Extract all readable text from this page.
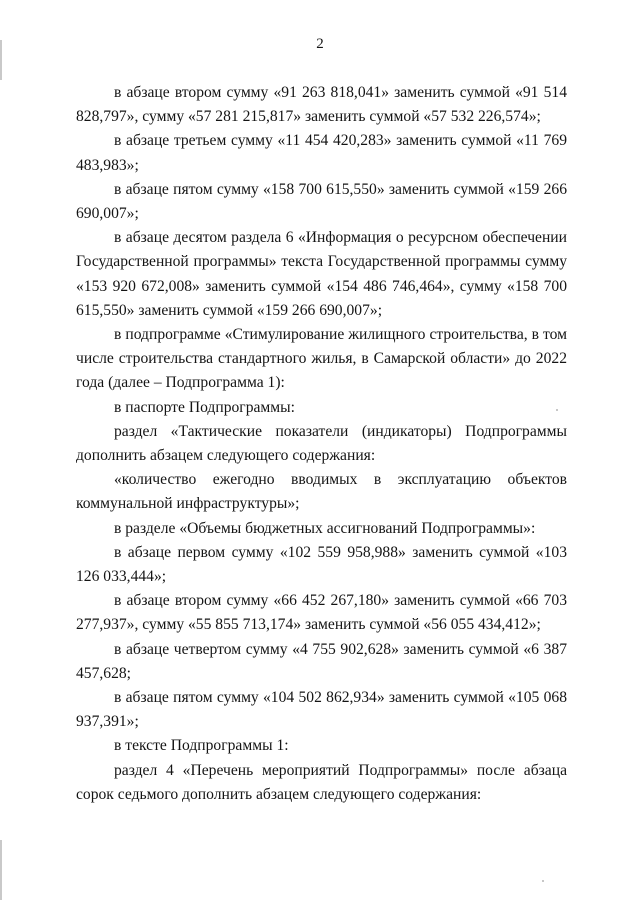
2

в абзаце втором сумму «91 263 818,041» заменить суммой «91 514 828,797», сумму «57 281 215,817» заменить суммой «57 532 226,574»;

в абзаце третьем сумму «11 454 420,283» заменить суммой «11 769 483,983»;

в абзаце пятом сумму «158 700 615,550» заменить суммой «159 266 690,007»;

в абзаце десятом раздела 6 «Информация о ресурсном обеспечении Государственной программы» текста Государственной программы сумму «153 920 672,008» заменить суммой «154 486 746,464», сумму «158 700 615,550» заменить суммой «159 266 690,007»;

в подпрограмме «Стимулирование жилищного строительства, в том числе строительства стандартного жилья, в Самарской области» до 2022 года (далее – Подпрограмма 1):

в паспорте Подпрограммы:

раздел «Тактические показатели (индикаторы) Подпрограммы дополнить абзацем следующего содержания:

«количество ежегодно вводимых в эксплуатацию объектов коммунальной инфраструктуры»;

в разделе «Объемы бюджетных ассигнований Подпрограммы»:

в абзаце первом сумму «102 559 958,988» заменить суммой «103 126 033,444»;

в абзаце втором сумму «66 452 267,180» заменить суммой «66 703 277,937», сумму «55 855 713,174» заменить суммой «56 055 434,412»;

в абзаце четвертом сумму «4 755 902,628» заменить суммой «6 387 457,628;

в абзаце пятом сумму «104 502 862,934» заменить суммой «105 068 937,391»;

в тексте Подпрограммы 1:

раздел 4 «Перечень мероприятий Подпрограммы» после абзаца сорок седьмого дополнить абзацем следующего содержания:
